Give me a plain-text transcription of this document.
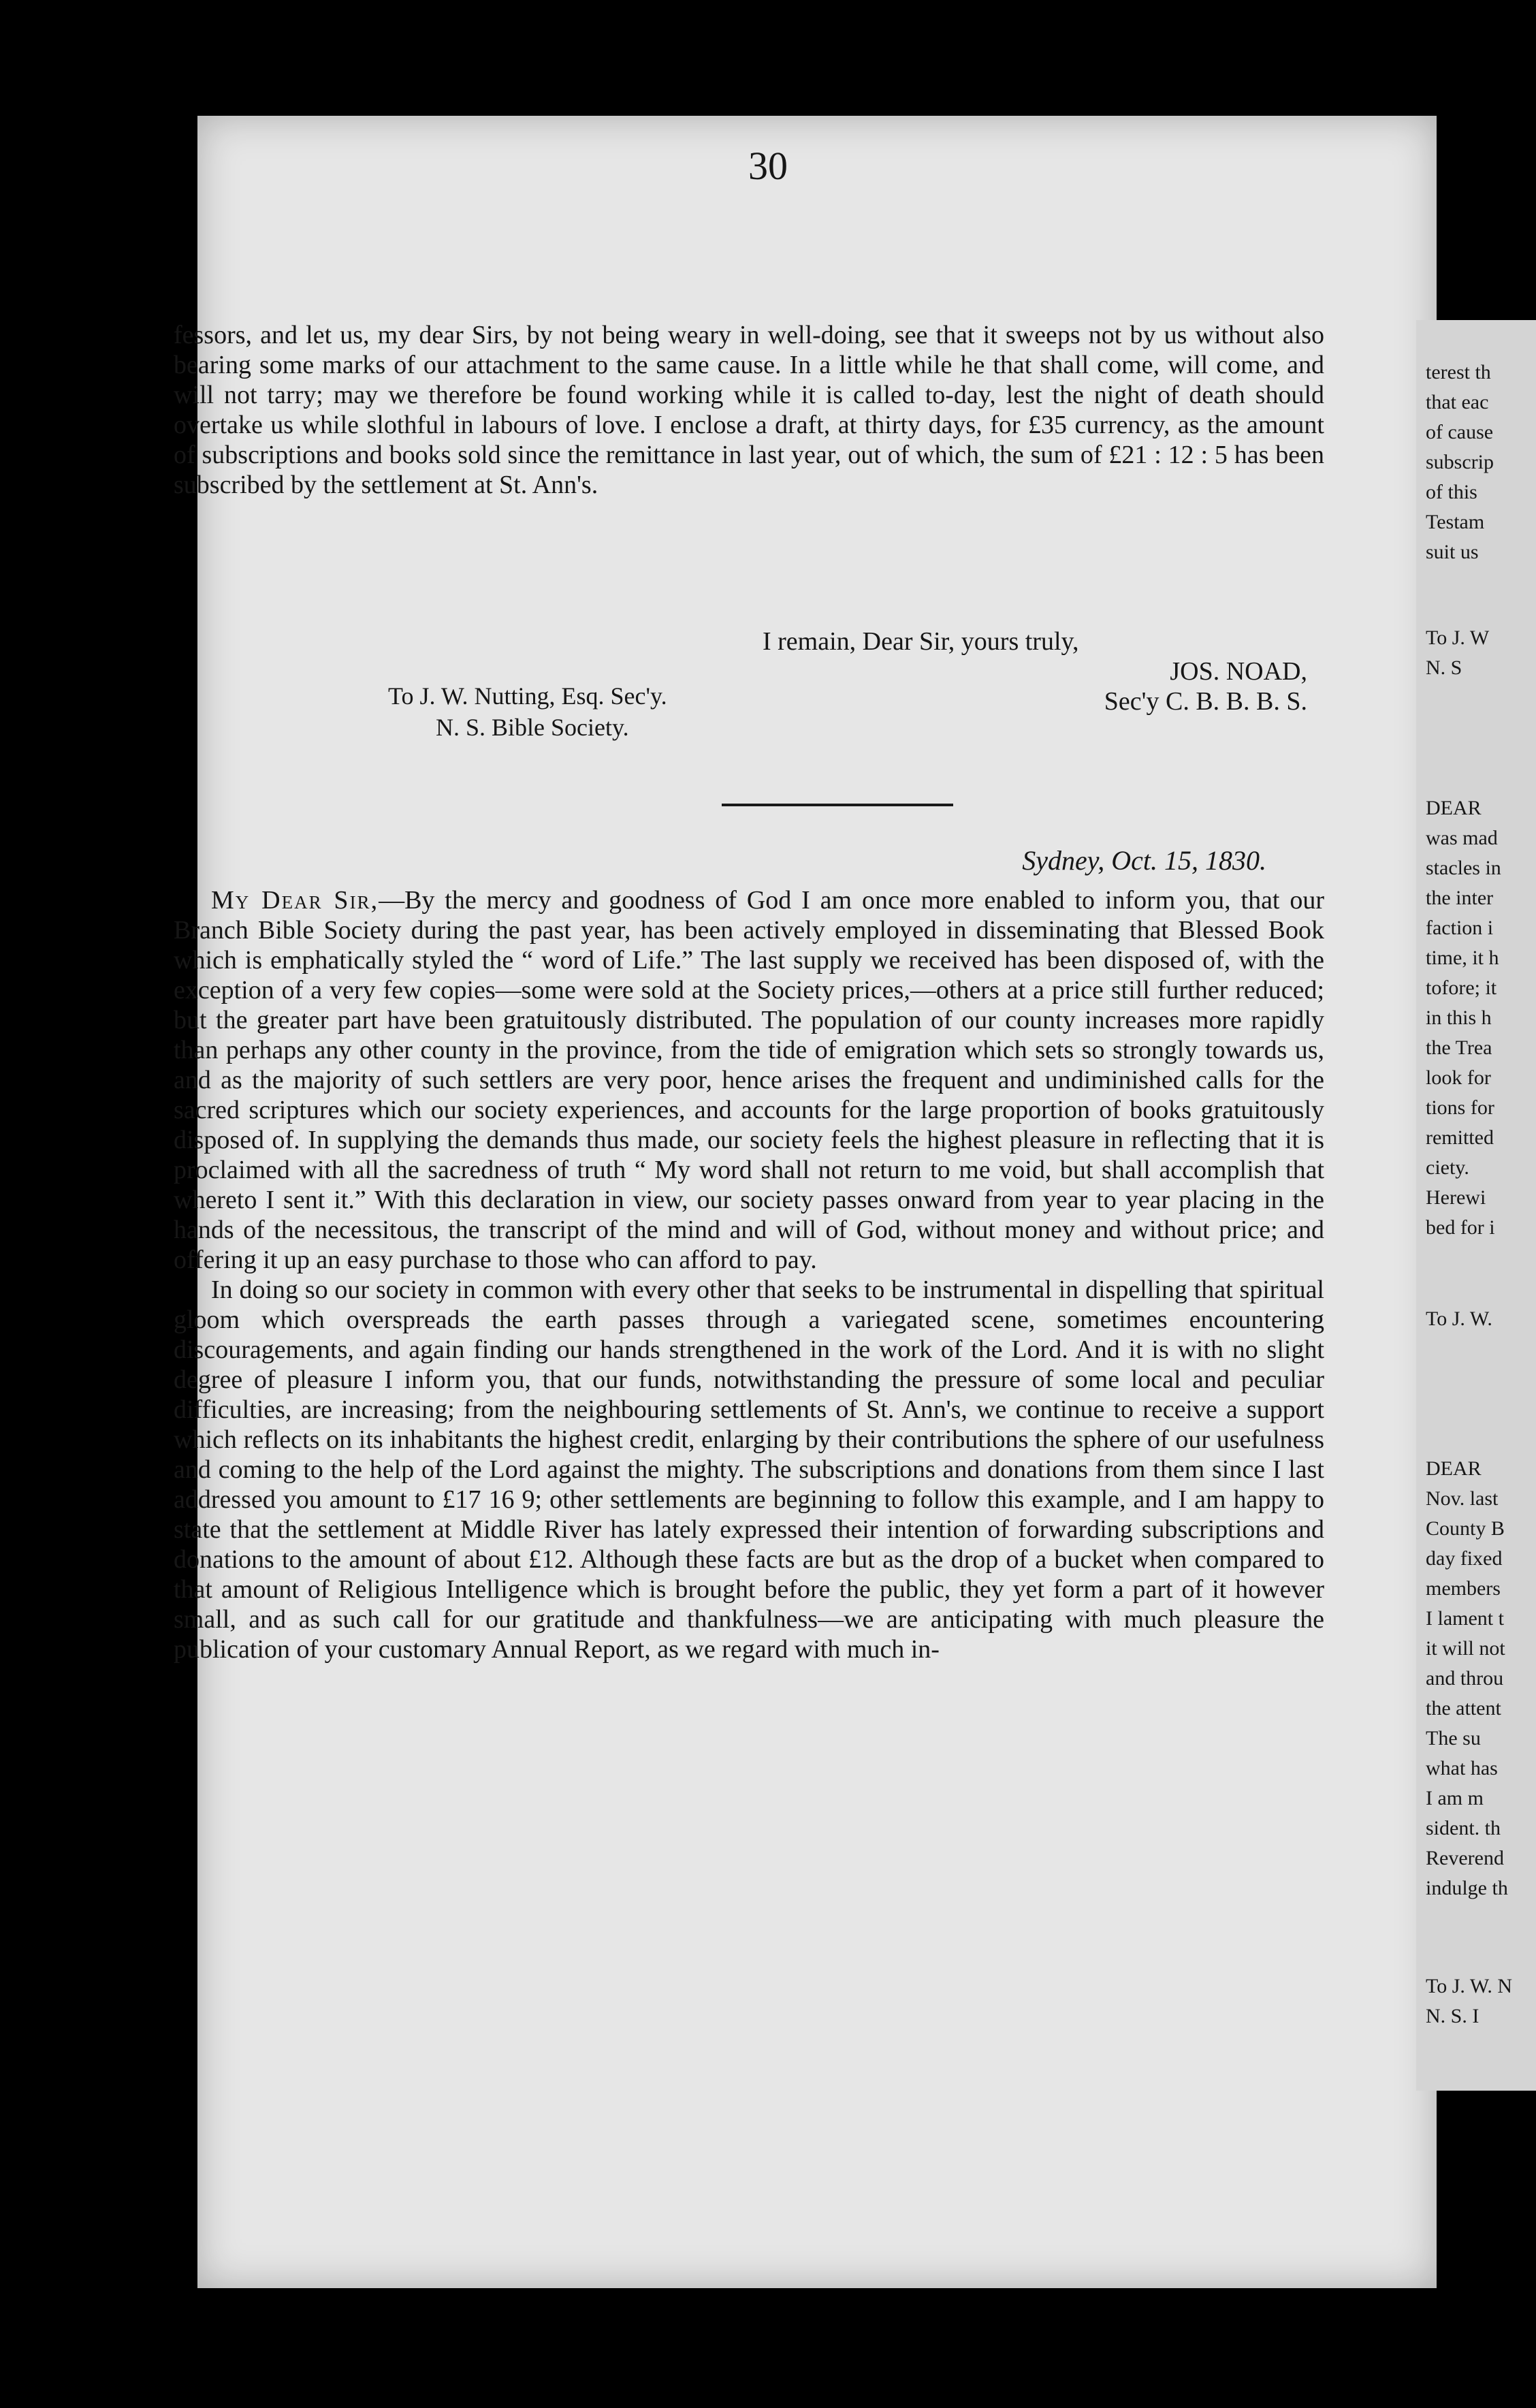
terest th
that eac
of cause
subscrip
of this
Testam
suit us
To J. W
N. S
DEAR
was mad
stacles in
the inter
faction i
time, it h
tofore; it
in this h
the Trea
look for
tions for
remitted
ciety.
Herewi
bed for i
To J. W.
DEAR
Nov. last
County B
day fixed
members
I lament t
it will not
and throu
the attent
The su
what has
I am m
sident. th
Reverend
indulge th
To J. W. N
N. S. I
30

fessors, and let us, my dear Sirs, by not being weary in well-doing, see that it sweeps not by us without also bearing some marks of our attachment to the same cause. In a little while he that shall come, will come, and will not tarry; may we therefore be found working while it is called to-day, lest the night of death should overtake us while slothful in labours of love. I enclose a draft, at thirty days, for £35 currency, as the amount of subscriptions and books sold since the remittance in last year, out of which, the sum of £21 : 12 : 5 has been subscribed by the settlement at St. Ann's.

I remain, Dear Sir, yours truly,
JOS. NOAD,
Sec'y C. B. B. B. S.
To J. W. Nutting, Esq. Sec'y.
N. S. Bible Society.
Sydney, Oct. 15, 1830.

My Dear Sir,—By the mercy and goodness of God I am once more enabled to inform you, that our Branch Bible Society during the past year, has been actively employed in disseminating that Blessed Book which is emphatically styled the “ word of Life.” The last supply we received has been disposed of, with the exception of a very few copies—some were sold at the Society prices,—others at a price still further reduced; but the greater part have been gratuitously distributed. The population of our county increases more rapidly than perhaps any other county in the province, from the tide of emigration which sets so strongly towards us, and as the majority of such settlers are very poor, hence arises the frequent and undiminished calls for the sacred scriptures which our society experiences, and accounts for the large proportion of books gratuitously disposed of. In supplying the demands thus made, our society feels the highest pleasure in reflecting that it is proclaimed with all the sacredness of truth “ My word shall not return to me void, but shall accomplish that whereto I sent it.” With this declaration in view, our society passes onward from year to year placing in the hands of the necessitous, the transcript of the mind and will of God, without money and without price; and offering it up an easy purchase to those who can afford to pay.

In doing so our society in common with every other that seeks to be instrumental in dispelling that spiritual gloom which overspreads the earth passes through a variegated scene, sometimes encountering discouragements, and again finding our hands strengthened in the work of the Lord. And it is with no slight degree of pleasure I inform you, that our funds, notwithstanding the pressure of some local and peculiar difficulties, are increasing; from the neighbouring settlements of St. Ann's, we continue to receive a support which reflects on its inhabitants the highest credit, enlarging by their contributions the sphere of our usefulness and coming to the help of the Lord against the mighty. The subscriptions and donations from them since I last addressed you amount to £17 16 9; other settlements are beginning to follow this example, and I am happy to state that the settlement at Middle River has lately expressed their intention of forwarding subscriptions and donations to the amount of about £12. Although these facts are but as the drop of a bucket when compared to that amount of Religious Intelligence which is brought before the public, they yet form a part of it however small, and as such call for our gratitude and thankfulness—we are anticipating with much pleasure the publication of your customary Annual Report, as we regard with much in-
